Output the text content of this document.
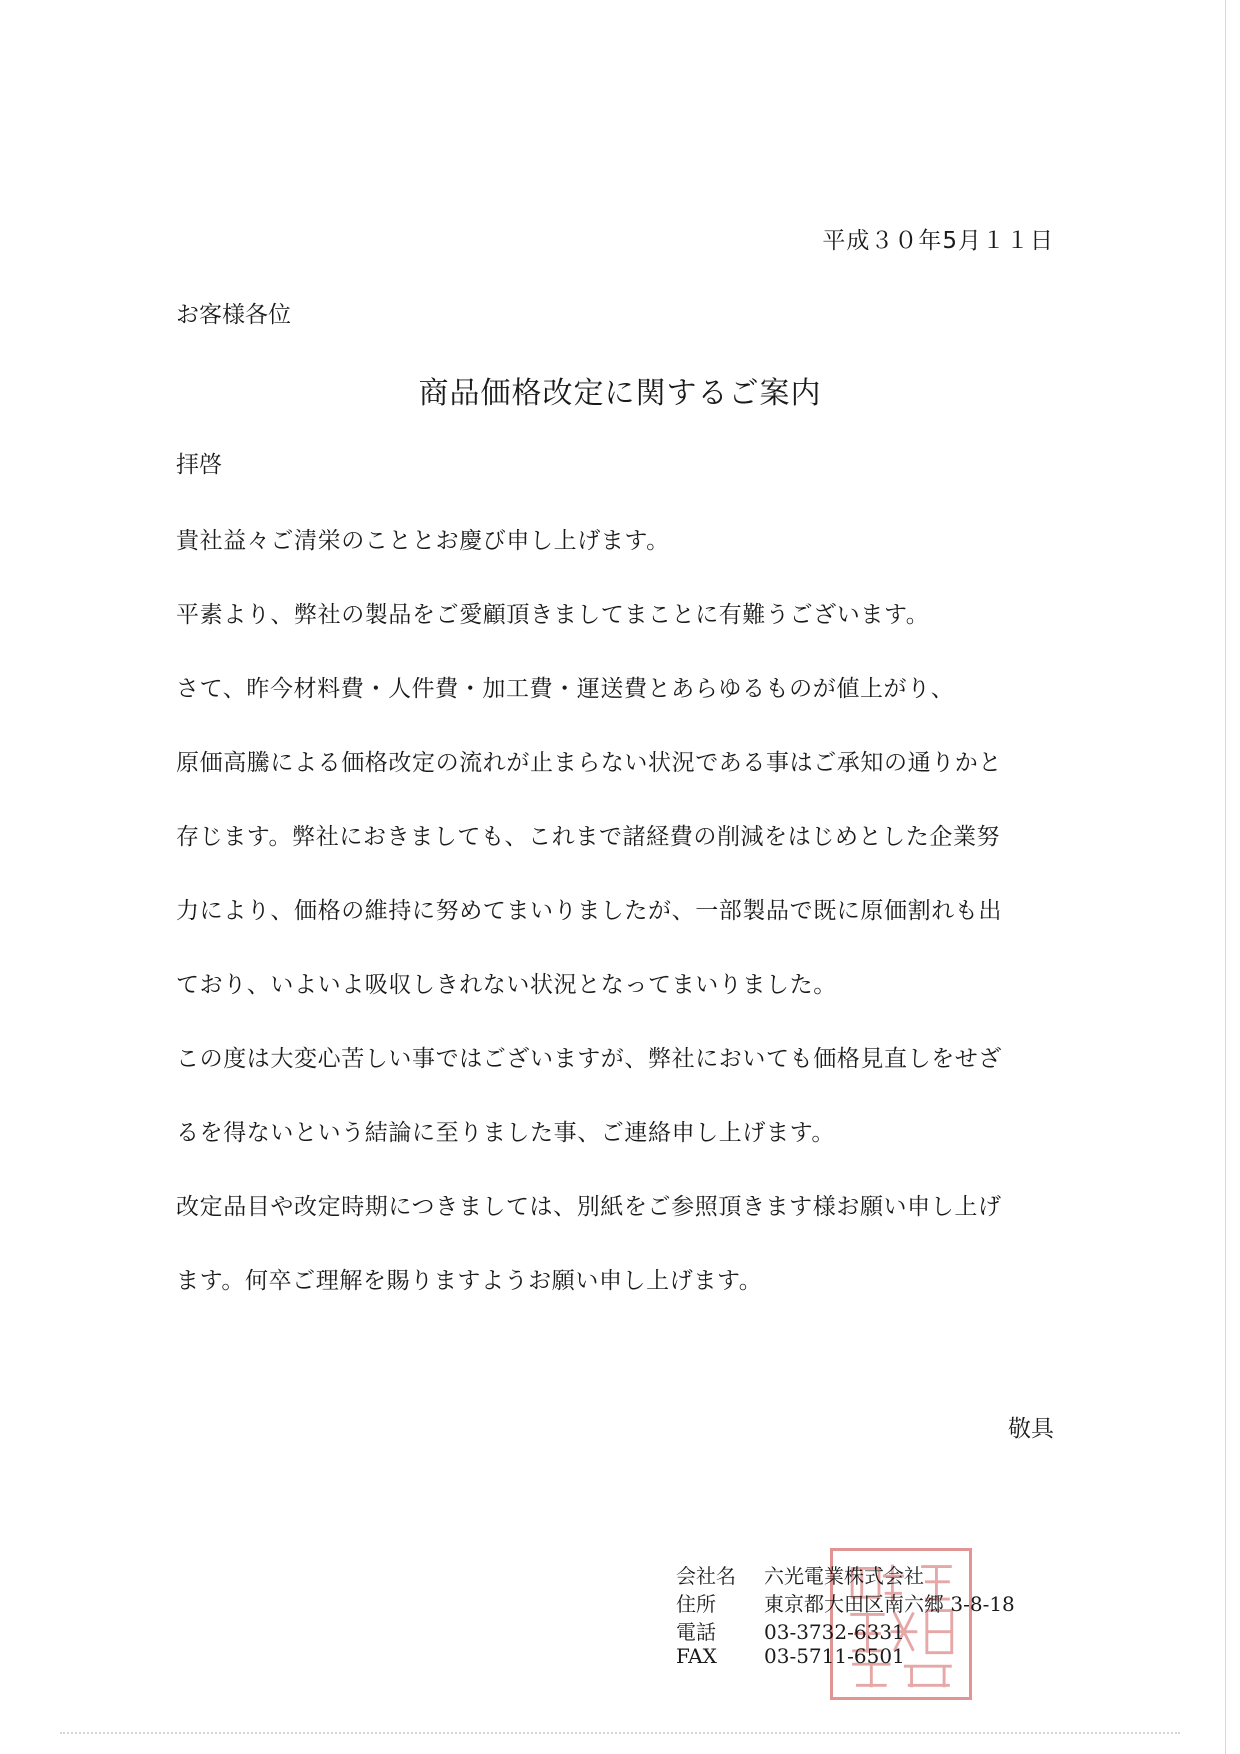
平成３０年5月１１日
お客様各位
商品価格改定に関するご案内
拝啓
貴社益々ご清栄のこととお慶び申し上げます。
平素より、弊社の製品をご愛顧頂きましてまことに有難うございます。
さて、昨今材料費・人件費・加工費・運送費とあらゆるものが値上がり、
原価高騰による価格改定の流れが止まらない状況である事はご承知の通りかと
存じます。弊社におきましても、これまで諸経費の削減をはじめとした企業努
力により、価格の維持に努めてまいりましたが、一部製品で既に原価割れも出
ており、いよいよ吸収しきれない状況となってまいりました。
この度は大変心苦しい事ではございますが、弊社においても価格見直しをせざ
るを得ないという結論に至りました事、ご連絡申し上げます。
改定品目や改定時期につきましては、別紙をご参照頂きます様お願い申し上げ
ます。何卒ご理解を賜りますようお願い申し上げます。
敬具
会社名 六光電業株式会社
住所 東京都大田区南六郷 3-8-18
電話 03-3732-6331
FAX 03-5711-6501
